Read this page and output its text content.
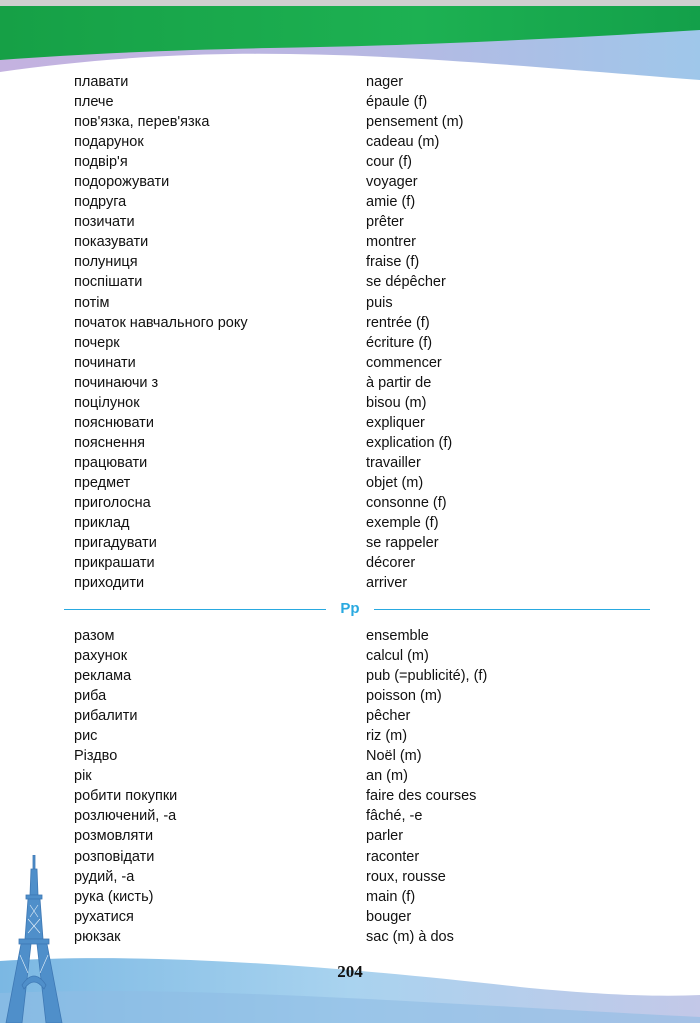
плавати	nager
плече	épaule (f)
пов'язка, перев'язка	pensement (m)
подарунок	cadeau (m)
подвір'я	cour (f)
подорожувати	voyager
подруга	amie (f)
позичати	prêter
показувати	montrer
полуниця	fraise (f)
поспішати	se dépêcher
потім	puis
початок навчального року	rentrée (f)
почерк	écriture (f)
починати	commencer
починаючи з	à partir de
поцілунок	bisou (m)
пояснювати	expliquer
пояснення	explication (f)
працювати	travailler
предмет	objet (m)
приголосна	consonne (f)
приклад	exemple (f)
пригадувати	se rappeler
прикрашати	décorer
приходити	arriver
Рр
разом	ensemble
рахунок	calcul (m)
реклама	pub (=publicité), (f)
риба	poisson (m)
рибалити	pêcher
рис	riz (m)
Різдво	Noël (m)
рік	an (m)
робити покупки	faire des courses
розлючений, -а	fâché, -e
розмовляти	parler
розповідати	raconter
рудий, -а	roux, rousse
рука (кисть)	main (f)
рухатися	bouger
рюкзак	sac (m) à dos
204
